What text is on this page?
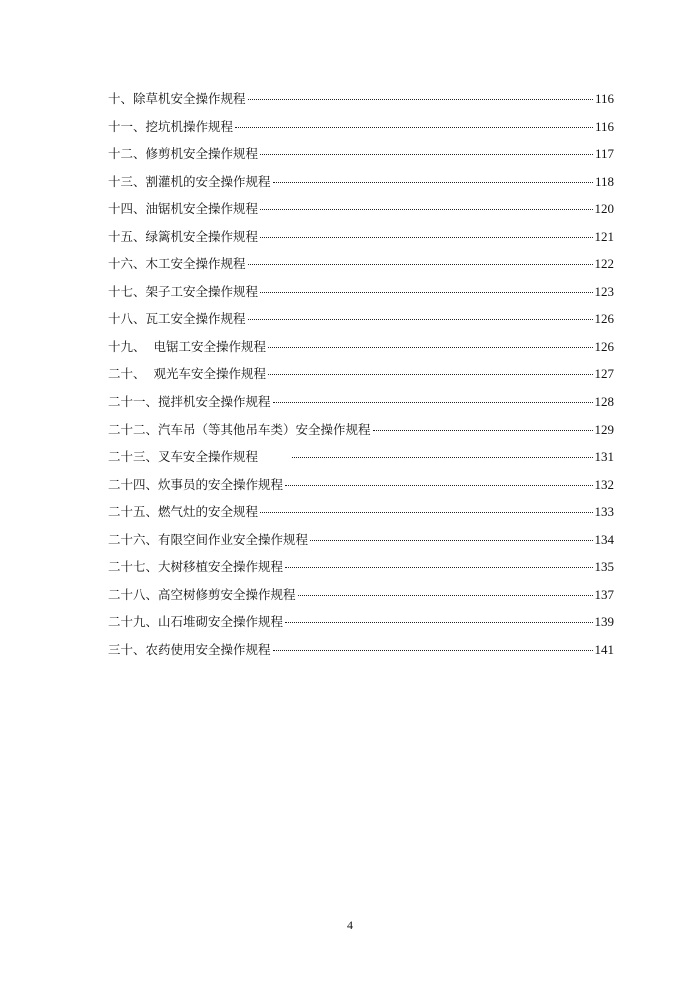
十、除草机安全操作规程	116
十一、挖坑机操作规程	116
十二、修剪机安全操作规程	117
十三、割灌机的安全操作规程	118
十四、油锯机安全操作规程	120
十五、绿篱机安全操作规程	121
十六、木工安全操作规程	122
十七、架子工安全操作规程	123
十八、瓦工安全操作规程	126
十九、  电锯工安全操作规程	126
二十、  观光车安全操作规程	127
二十一、搅拌机安全操作规程	128
二十二、汽车吊（等其他吊车类）安全操作规程	129
二十三、叉车安全操作规程	131
二十四、炊事员的安全操作规程	132
二十五、燃气灶的安全规程	133
二十六、有限空间作业安全操作规程	134
二十七、大树移植安全操作规程	135
二十八、高空树修剪安全操作规程	137
二十九、山石堆砌安全操作规程	139
三十、农药使用安全操作规程	141
4
